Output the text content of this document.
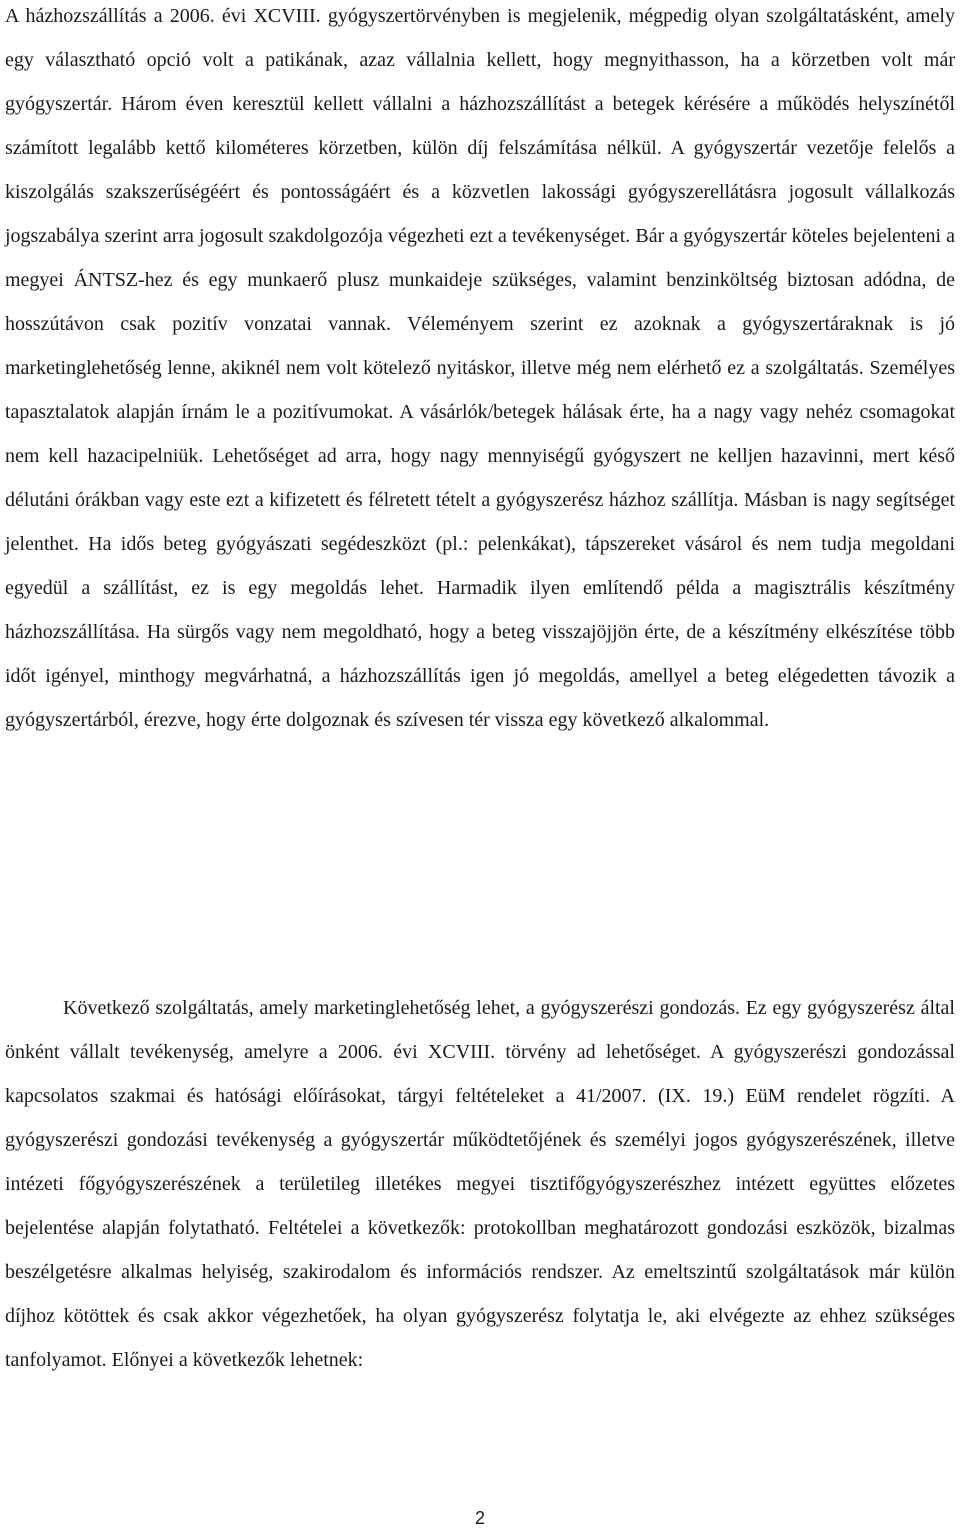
A házhozszállítás a 2006. évi XCVIII. gyógyszertörvényben is megjelenik, mégpedig olyan szolgáltatásként, amely egy választható opció volt a patikának, azaz vállalnia kellett, hogy megnyithasson, ha a körzetben volt már gyógyszertár. Három éven keresztül kellett vállalni a házhozszállítást a betegek kérésére a működés helyszínétől számított legalább kettő kilométeres körzetben, külön díj felszámítása nélkül. A gyógyszertár vezetője felelős a kiszolgálás szakszerűségéért és pontosságáért és a közvetlen lakossági gyógyszerellátásra jogosult vállalkozás jogszabálya szerint arra jogosult szakdolgozója végezheti ezt a tevékenységet. Bár a gyógyszertár köteles bejelenteni a megyei ÁNTSZ-hez és egy munkaerő plusz munkaideje szükséges, valamint benzinköltség biztosan adódna, de hosszútávon csak pozitív vonzatai vannak. Véleményem szerint ez azoknak a gyógyszertáraknak is jó marketinglehetőség lenne, akiknél nem volt kötelező nyitáskor, illetve még nem elérhető ez a szolgáltatás. Személyes tapasztalatok alapján írnám le a pozitívumokat. A vásárlók/betegek hálásak érte, ha a nagy vagy nehéz csomagokat nem kell hazacipelniük. Lehetőséget ad arra, hogy nagy mennyiségű gyógyszert ne kelljen hazavinni, mert késő délutáni órákban vagy este ezt a kifizetett és félretett tételt a gyógyszerész házhoz szállítja. Másban is nagy segítséget jelenthet. Ha idős beteg gyógyászati segédeszközt (pl.: pelenkákat), tápszereket vásárol és nem tudja megoldani egyedül a szállítást, ez is egy megoldás lehet. Harmadik ilyen említendő példa a magisztrális készítmény házhozszállítása. Ha sürgős vagy nem megoldható, hogy a beteg visszajöjjön érte, de a készítmény elkészítése több időt igényel, minthogy megvárhatná, a házhozszállítás igen jó megoldás, amellyel a beteg elégedetten távozik a gyógyszertárból, érezve, hogy érte dolgoznak és szívesen tér vissza egy következő alkalommal.

Következő szolgáltatás, amely marketinglehetőség lehet, a gyógyszerészi gondozás. Ez egy gyógyszerész által önként vállalt tevékenység, amelyre a 2006. évi XCVIII. törvény ad lehetőséget. A gyógyszerészi gondozással kapcsolatos szakmai és hatósági előírásokat, tárgyi feltételeket a 41/2007. (IX. 19.) EüM rendelet rögzíti. A gyógyszerészi gondozási tevékenység a gyógyszertár működtetőjének és személyi jogos gyógyszerészének, illetve intézeti főgyógyszerészének a területileg illetékes megyei tisztifőgyógyszerészhez intézett együttes előzetes bejelentése alapján folytatható. Feltételei a következők: protokollban meghatározott gondozási eszközök, bizalmas beszélgetésre alkalmas helyiség, szakirodalom és információs rendszer. Az emeltszintű szolgáltatások már külön díjhoz kötöttek és csak akkor végezhetőek, ha olyan gyógyszerész folytatja le, aki elvégezte az ehhez szükséges tanfolyamot. Előnyei a következők lehetnek:

2
